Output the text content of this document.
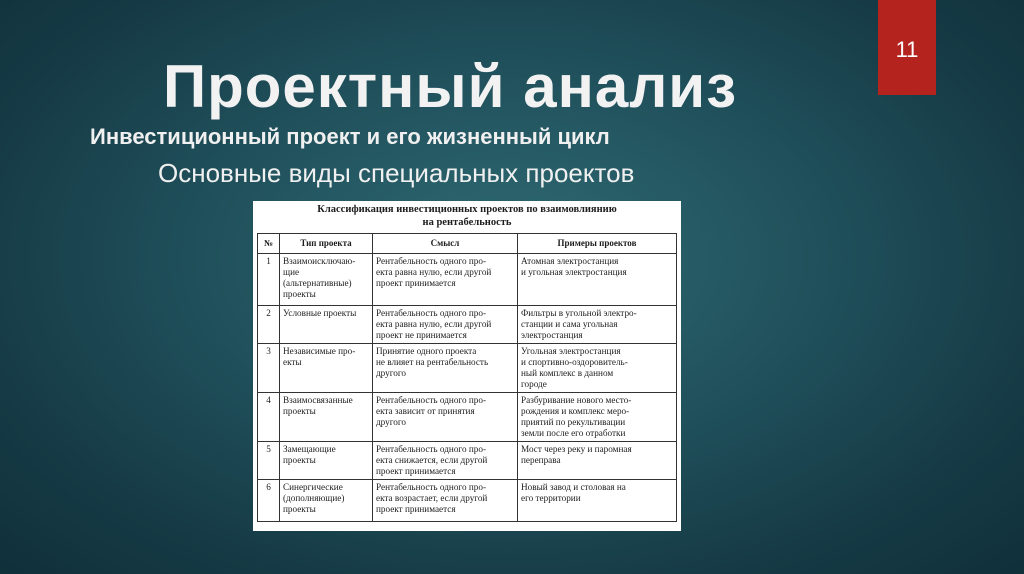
11
Проектный анализ
Инвестиционный проект и его жизненный цикл
Основные виды специальных проектов
Классификация инвестиционных проектов по взаимовлиянию
на рентабельность
№	Тип проекта	Смысл	Примеры проектов
1	Взаимоисключаю-
щие
(альтернативные)
проекты	Рентабельность одного про-
екта равна нулю, если другой
проект принимается	Атомная электростанция
и угольная электростанция
2	Условные проекты	Рентабельность одного про-
екта равна нулю, если другой
проект не принимается	Фильтры в угольной электро-
станции и сама угольная
электростанция
3	Независимые про-
екты	Принятие одного проекта
не влияет на рентабельность
другого	Угольная электростанция
и спортивно-оздоровитель-
ный комплекс в данном
городе
4	Взаимосвязанные
проекты	Рентабельность одного про-
екта зависит от принятия
другого	Разбуривание нового место-
рождения и комплекс меро-
приятий по рекультивации
земли после его отработки
5	Замещающие
проекты	Рентабельность одного про-
екта снижается, если другой
проект принимается	Мост через реку и паромная
переправа
6	Синергические
(дополняющие)
проекты	Рентабельность одного про-
екта возрастает, если другой
проект принимается	Новый завод и столовая на
его территории
